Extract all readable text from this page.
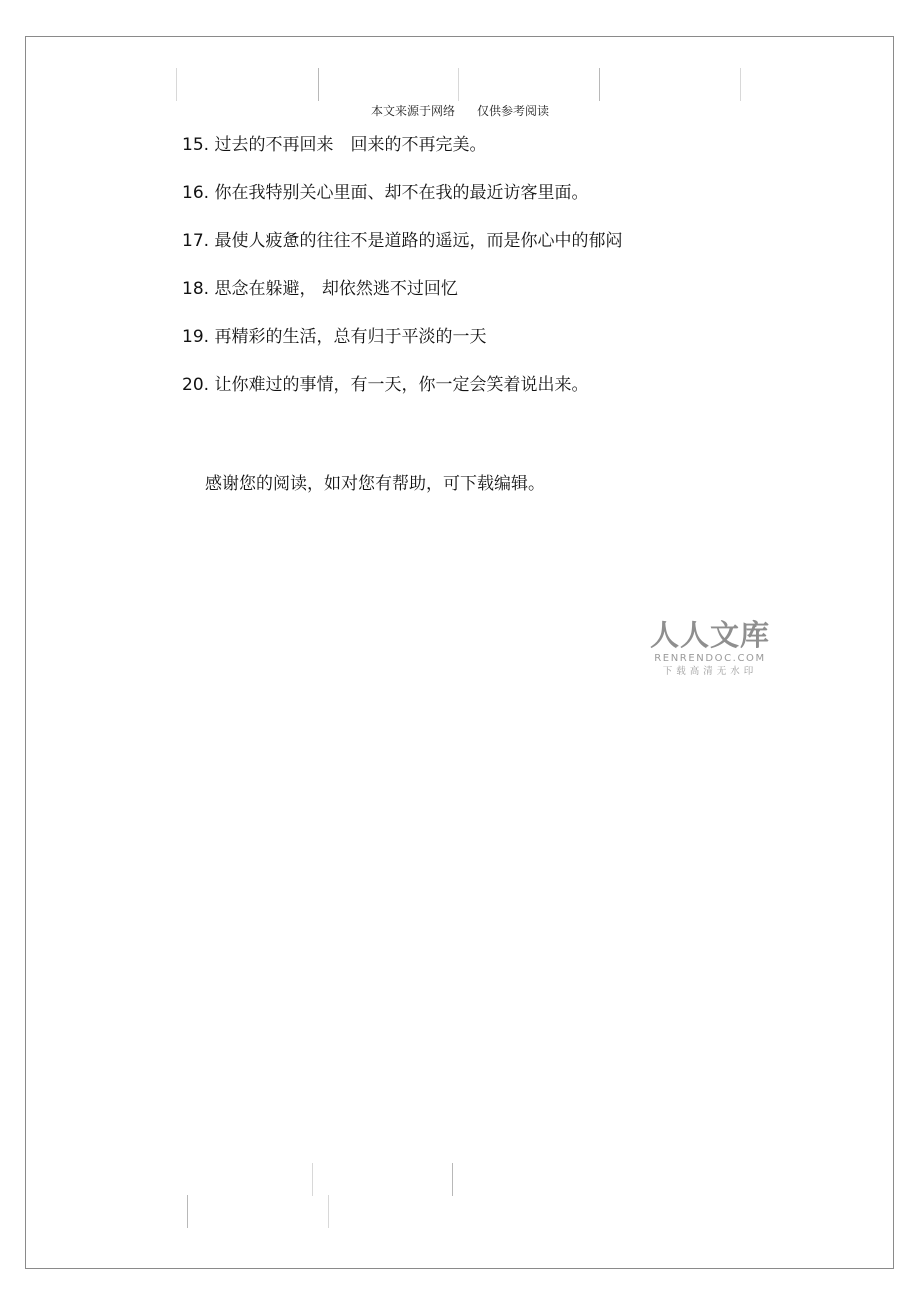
本文来源于网络 仅供参考阅读
15. 过去的不再回来　回来的不再完美。
16. 你在我特别关心里面、却不在我的最近访客里面。
17. 最使人疲惫的往往不是道路的遥远，而是你心中的郁闷
18. 思念在躲避， 却依然逃不过回忆
19. 再精彩的生活，总有归于平淡的一天
20. 让你难过的事情，有一天，你一定会笑着说出来。
感谢您的阅读，如对您有帮助，可下载编辑。
人人文库
RENRENDOC.COM
下载高清无水印
